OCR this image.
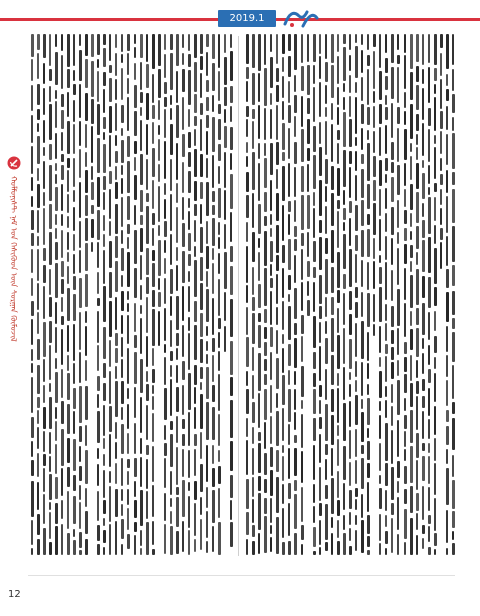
2019.1
ᠬᠣᠮᠮᠤᠨᠢᠰᠲ ᠨᠠᠮ ᠤᠨ ᠭᠡᠰᠢᠭᠦᠳ ᠦᠨ ᠰᠤᠷᠭᠠᠨ ᠬᠦᠮᠦᠵᠢᠯ
12
